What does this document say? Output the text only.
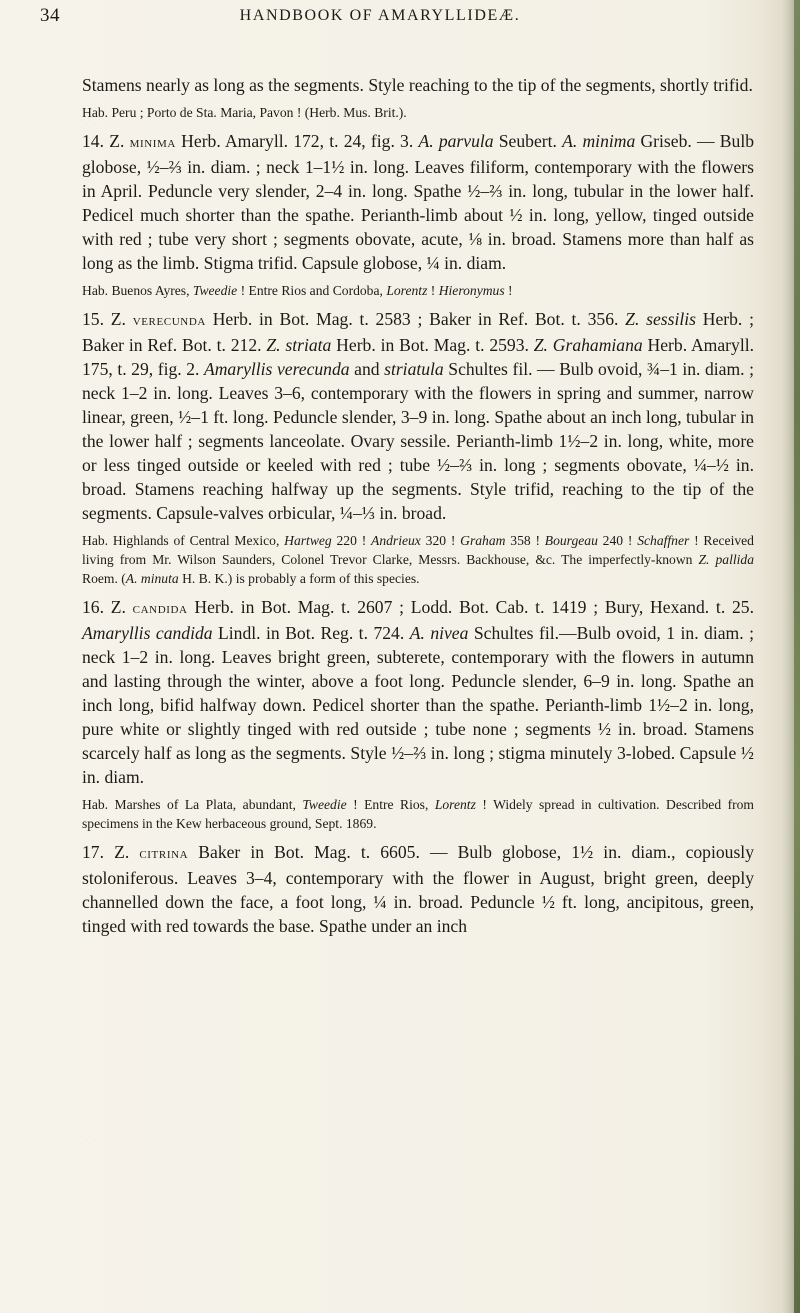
34	HANDBOOK OF AMARYLLIDEÆ.

Stamens nearly as long as the segments. Style reaching to the tip of the segments, shortly trifid.

Hab. Peru ; Porto de Sta. Maria, Pavon ! (Herb. Mus. Brit.).

14. Z. minima Herb. Amaryll. 172, t. 24, fig. 3. A. parvula Seubert. A. minima Griseb. — Bulb globose, ½–⅔ in. diam. ; neck 1–1½ in. long. Leaves filiform, contemporary with the flowers in April. Peduncle very slender, 2–4 in. long. Spathe ½–⅔ in. long, tubular in the lower half. Pedicel much shorter than the spathe. Perianth-limb about ½ in. long, yellow, tinged outside with red ; tube very short ; segments obovate, acute, ⅛ in. broad. Stamens more than half as long as the limb. Stigma trifid. Capsule globose, ¼ in. diam.

Hab. Buenos Ayres, Tweedie ! Entre Rios and Cordoba, Lorentz ! Hieronymus !

15. Z. verecunda Herb. in Bot. Mag. t. 2583 ; Baker in Ref. Bot. t. 356. Z. sessilis Herb. ; Baker in Ref. Bot. t. 212. Z. striata Herb. in Bot. Mag. t. 2593. Z. Grahamiana Herb. Amaryll. 175, t. 29, fig. 2. Amaryllis verecunda and striatula Schultes fil. — Bulb ovoid, ¾–1 in. diam. ; neck 1–2 in. long. Leaves 3–6, contemporary with the flowers in spring and summer, narrow linear, green, ½–1 ft. long. Peduncle slender, 3–9 in. long. Spathe about an inch long, tubular in the lower half ; segments lanceolate. Ovary sessile. Perianth-limb 1½–2 in. long, white, more or less tinged outside or keeled with red ; tube ½–⅔ in. long ; segments obovate, ¼–½ in. broad. Stamens reaching halfway up the segments. Style trifid, reaching to the tip of the segments. Capsule-valves orbicular, ¼–⅓ in. broad.

Hab. Highlands of Central Mexico, Hartweg 220 ! Andrieux 320 ! Graham 358 ! Bourgeau 240 ! Schaffner ! Received living from Mr. Wilson Saunders, Colonel Trevor Clarke, Messrs. Backhouse, &c. The imperfectly-known Z. pallida Roem. (A. minuta H. B. K.) is probably a form of this species.

16. Z. candida Herb. in Bot. Mag. t. 2607 ; Lodd. Bot. Cab. t. 1419 ; Bury, Hexand. t. 25. Amaryllis candida Lindl. in Bot. Reg. t. 724. A. nivea Schultes fil.—Bulb ovoid, 1 in. diam. ; neck 1–2 in. long. Leaves bright green, subterete, contemporary with the flowers in autumn and lasting through the winter, above a foot long. Peduncle slender, 6–9 in. long. Spathe an inch long, bifid halfway down. Pedicel shorter than the spathe. Perianth-limb 1½–2 in. long, pure white or slightly tinged with red outside ; tube none ; segments ½ in. broad. Stamens scarcely half as long as the segments. Style ½–⅔ in. long ; stigma minutely 3-lobed. Capsule ½ in. diam.

Hab. Marshes of La Plata, abundant, Tweedie ! Entre Rios, Lorentz ! Widely spread in cultivation. Described from specimens in the Kew herbaceous ground, Sept. 1869.

17. Z. citrina Baker in Bot. Mag. t. 6605. — Bulb globose, 1½ in. diam., copiously stoloniferous. Leaves 3–4, contemporary with the flower in August, bright green, deeply channelled down the face, a foot long, ¼ in. broad. Peduncle ½ ft. long, ancipitous, green, tinged with red towards the base. Spathe under an inch
